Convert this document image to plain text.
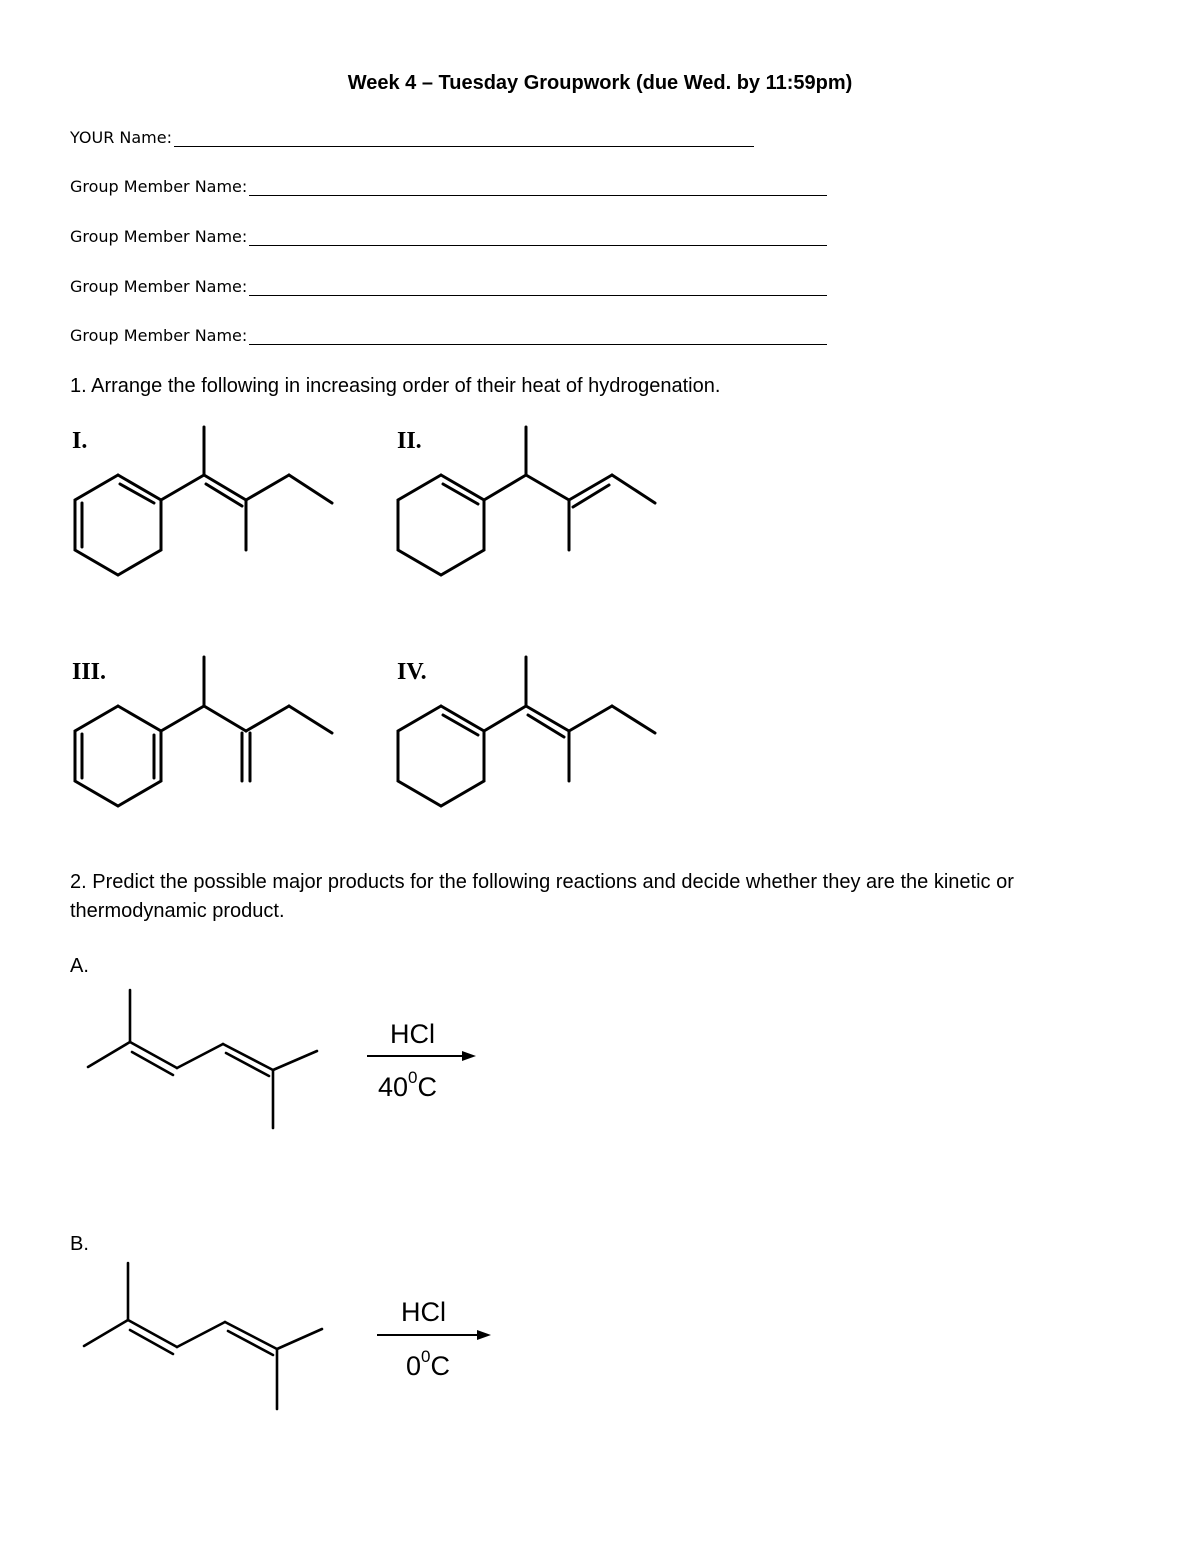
Week 4 – Tuesday Groupwork (due Wed. by 11:59pm)
YOUR Name:
Group Member Name:
Group Member Name:
Group Member Name:
Group Member Name:
1. Arrange the following in increasing order of their heat of hydrogenation.
I.	II.
III.	IV.
2. Predict the possible major products for the following reactions and decide whether they are the kinetic or thermodynamic product.
A.
HCl
$40^0C$
B.
HCl
$0^0C$
